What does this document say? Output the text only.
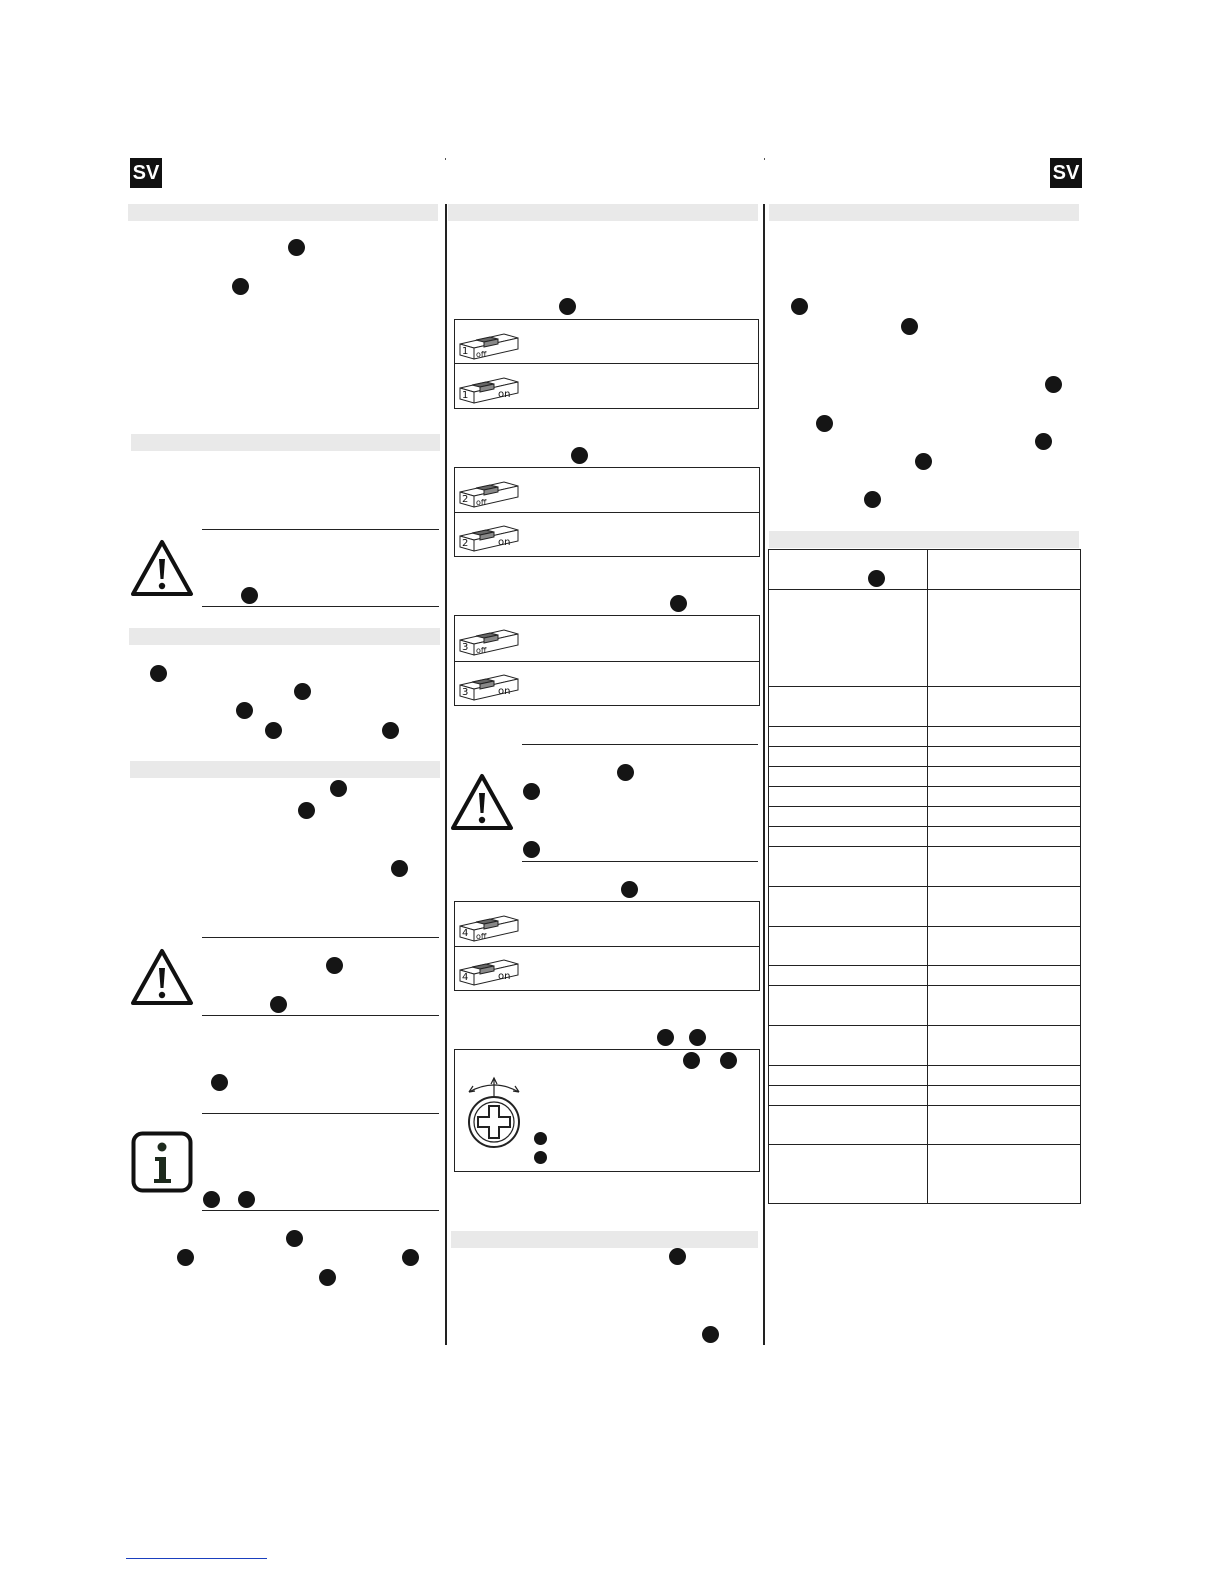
SV	SV
1 off
1	on
2 off
2	on
3 off
3	on
4 off
4	on
